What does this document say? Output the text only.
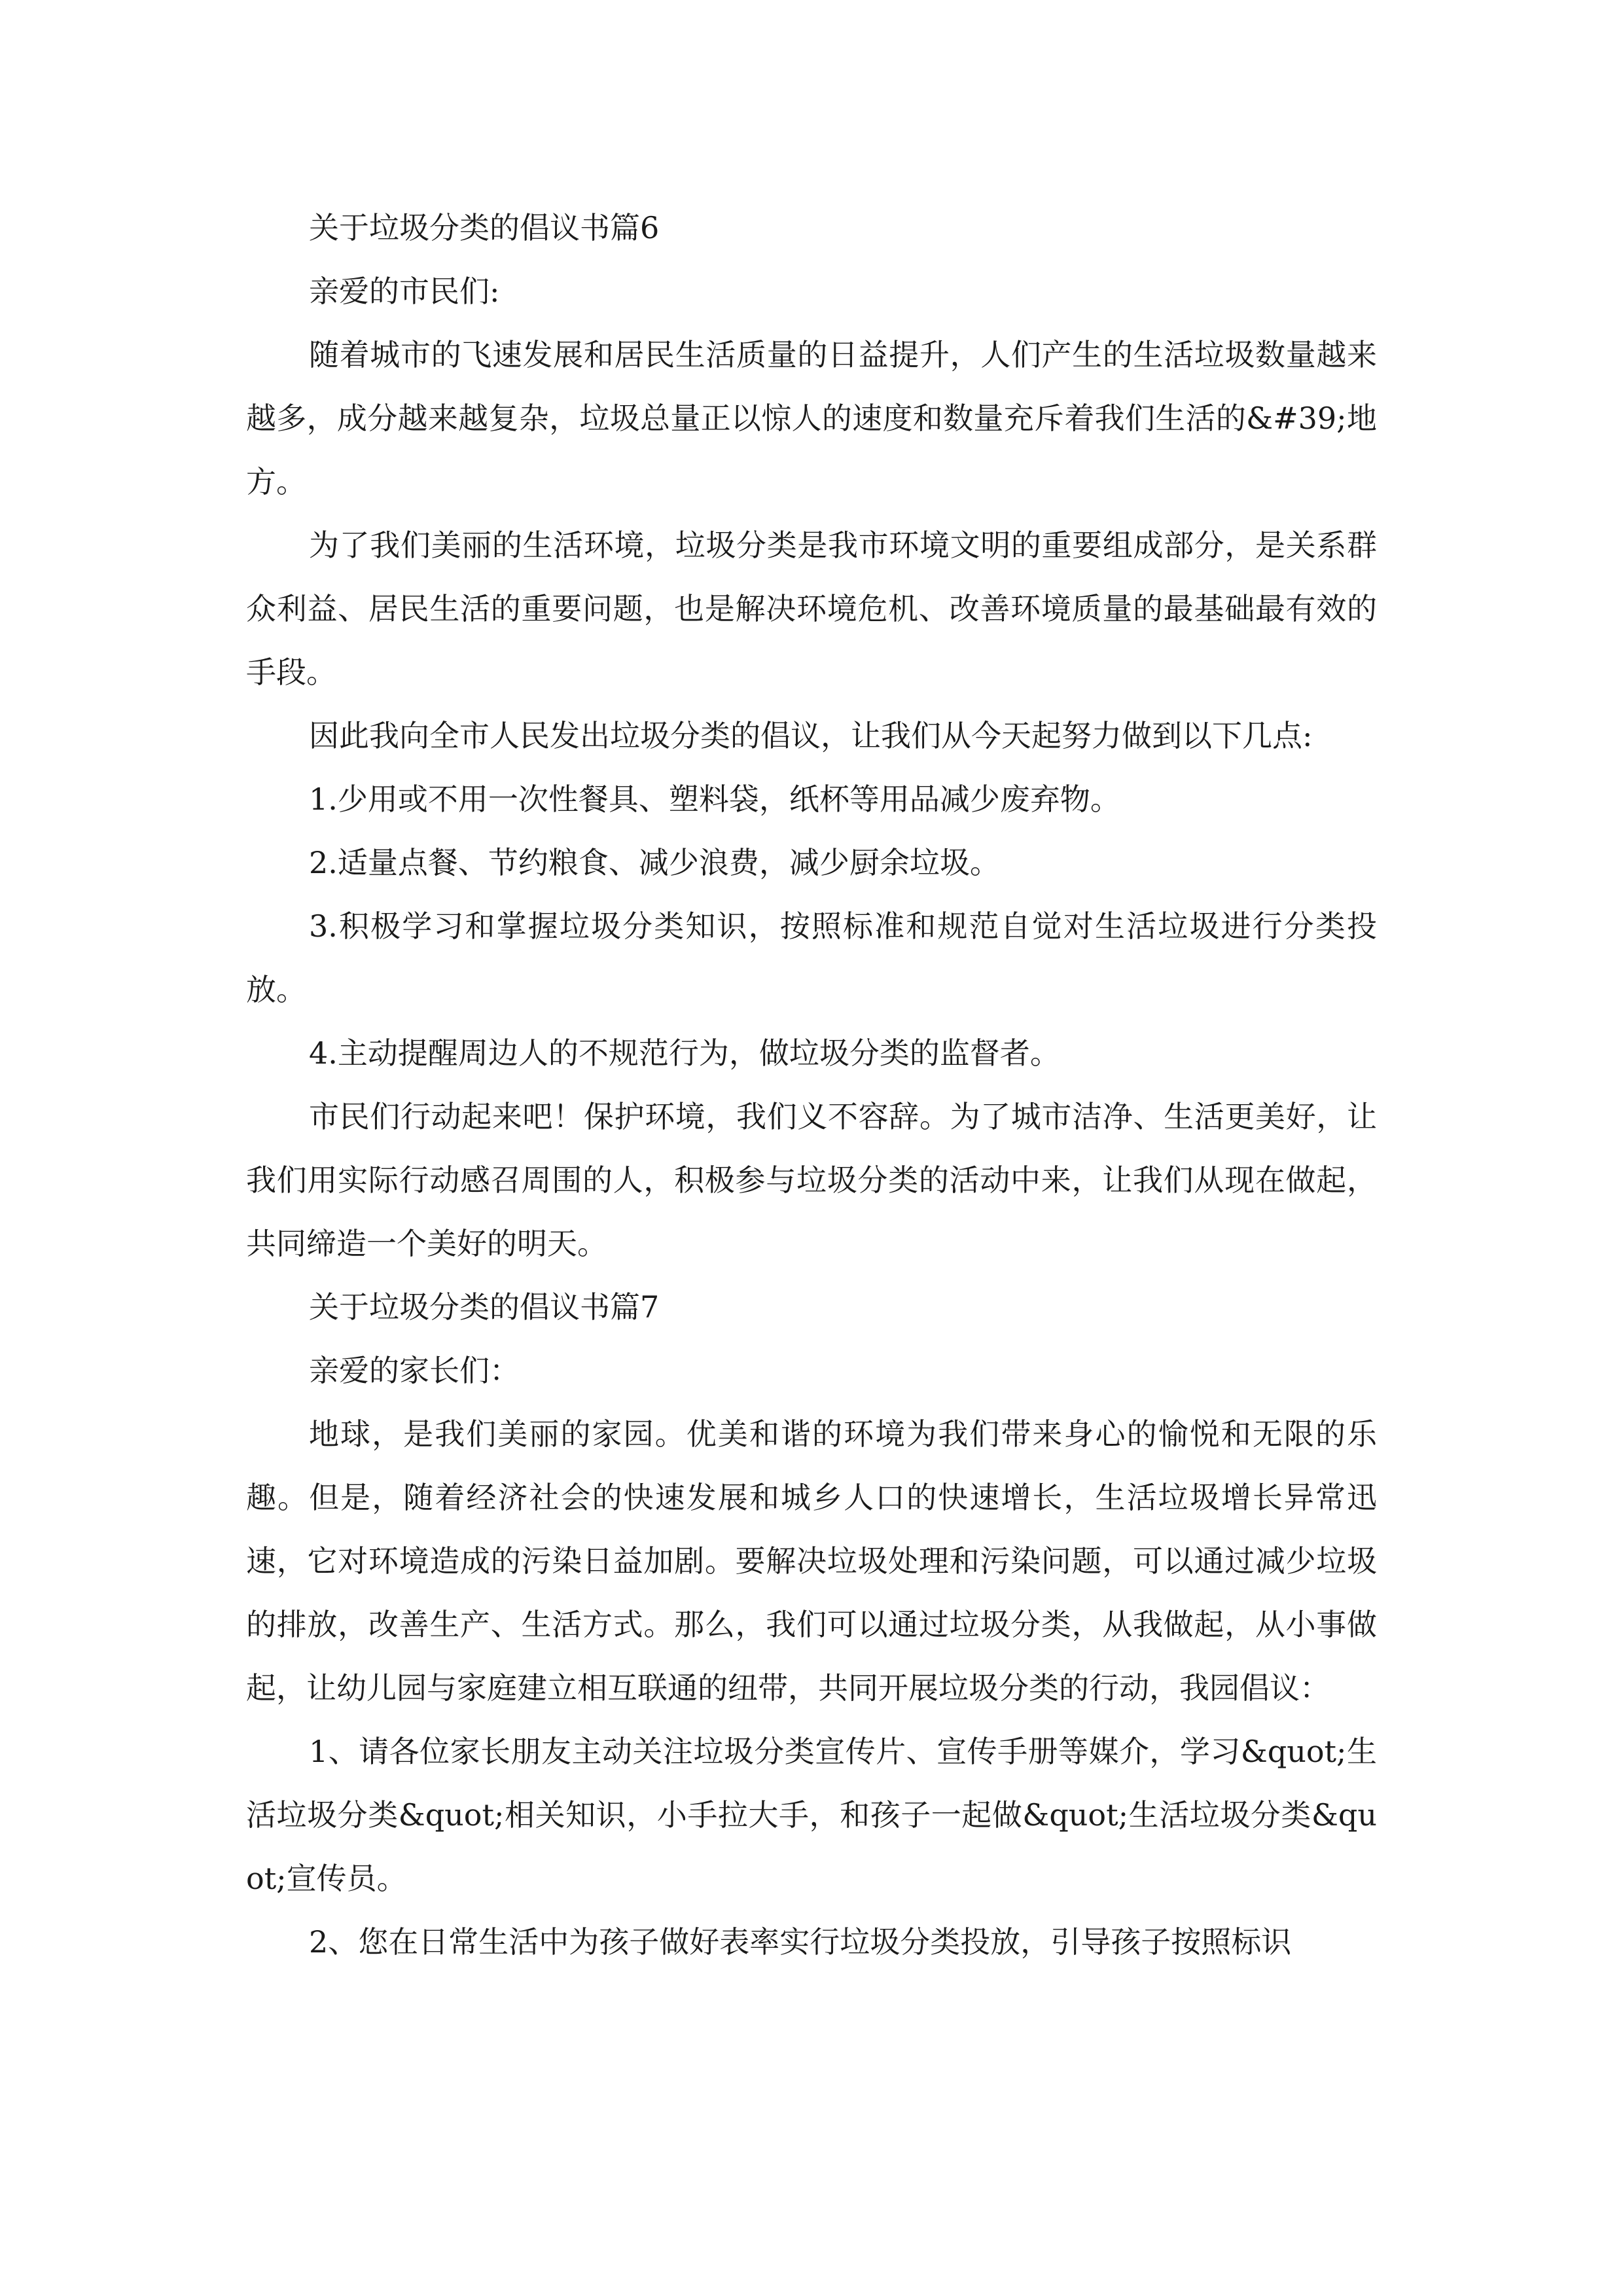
关于垃圾分类的倡议书篇6

亲爱的市民们:

随着城市的飞速发展和居民生活质量的日益提升，人们产生的生活垃圾数量越来越多，成分越来越复杂，垃圾总量正以惊人的速度和数量充斥着我们生活的&#39;地方。

为了我们美丽的生活环境，垃圾分类是我市环境文明的重要组成部分，是关系群众利益、居民生活的重要问题，也是解决环境危机、改善环境质量的最基础最有效的手段。

因此我向全市人民发出垃圾分类的倡议，让我们从今天起努力做到以下几点:

1.少用或不用一次性餐具、塑料袋，纸杯等用品减少废弃物。

2.适量点餐、节约粮食、减少浪费，减少厨余垃圾。

3.积极学习和掌握垃圾分类知识，按照标准和规范自觉对生活垃圾进行分类投放。

4.主动提醒周边人的不规范行为，做垃圾分类的监督者。

市民们行动起来吧！保护环境，我们义不容辞。为了城市洁净、生活更美好，让我们用实际行动感召周围的人，积极参与垃圾分类的活动中来，让我们从现在做起，共同缔造一个美好的明天。

关于垃圾分类的倡议书篇7

亲爱的家长们：

地球，是我们美丽的家园。优美和谐的环境为我们带来身心的愉悦和无限的乐趣。但是，随着经济社会的快速发展和城乡人口的快速增长，生活垃圾增长异常迅速，它对环境造成的污染日益加剧。要解决垃圾处理和污染问题，可以通过减少垃圾的排放，改善生产、生活方式。那么，我们可以通过垃圾分类，从我做起，从小事做起，让幼儿园与家庭建立相互联通的纽带，共同开展垃圾分类的行动，我园倡议：

1、请各位家长朋友主动关注垃圾分类宣传片、宣传手册等媒介，学习&quot;生活垃圾分类&quot;相关知识，小手拉大手，和孩子一起做&quot;生活垃圾分类&quot;宣传员。

2、您在日常生活中为孩子做好表率实行垃圾分类投放，引导孩子按照标识
